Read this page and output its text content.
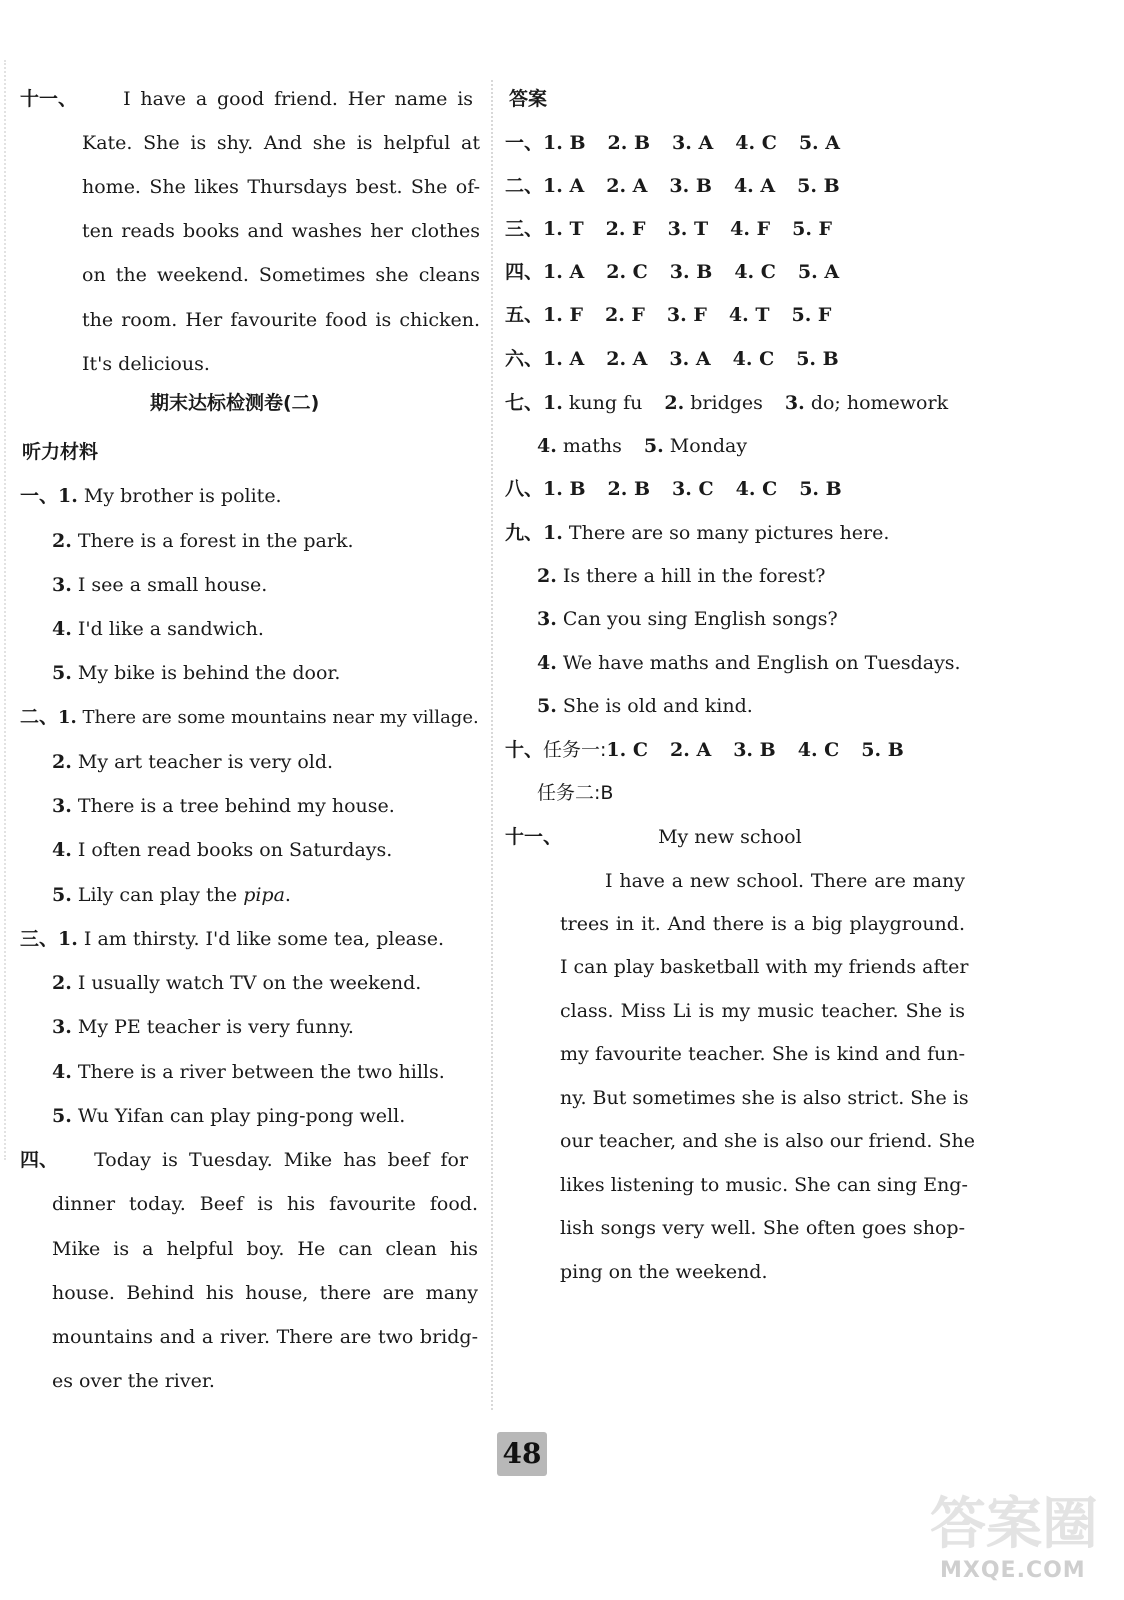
十一、 I have a good friend. Her name is
Kate. She is shy. And she is helpful at
home. She likes Thursdays best. She of-
ten reads books and washes her clothes
on the weekend. Sometimes she cleans
the room. Her favourite food is chicken.
It's delicious.
期末达标检测卷(二)
听力材料
一、1. My brother is polite.
2. There is a forest in the park.
3. I see a small house.
4. I'd like a sandwich.
5. My bike is behind the door.
二、1. There are some mountains near my village.
2. My art teacher is very old.
3. There is a tree behind my house.
4. I often read books on Saturdays.
5. Lily can play the pipa.
三、1. I am thirsty. I'd like some tea, please.
2. I usually watch TV on the weekend.
3. My PE teacher is very funny.
4. There is a river between the two hills.
5. Wu Yifan can play ping-pong well.
四、 Today is Tuesday. Mike has beef for
dinner today. Beef is his favourite food.
Mike is a helpful boy. He can clean his
house. Behind his house, there are many
mountains and a river. There are two bridg-
es over the river.
答案
一、1. B 2. B 3. A 4. C 5. A
二、1. A 2. A 3. B 4. A 5. B
三、1. T 2. F 3. T 4. F 5. F
四、1. A 2. C 3. B 4. C 5. A
五、1. F 2. F 3. F 4. T 5. F
六、1. A 2. A 3. A 4. C 5. B
七、1. kung fu 2. bridges 3. do; homework
4. maths 5. Monday
八、1. B 2. B 3. C 4. C 5. B
九、1. There are so many pictures here.
2. Is there a hill in the forest?
3. Can you sing English songs?
4. We have maths and English on Tuesdays.
5. She is old and kind.
十、任务一:1. C 2. A 3. B 4. C 5. B
任务二:B
十一、	My new school
I have a new school. There are many
trees in it. And there is a big playground.
I can play basketball with my friends after
class. Miss Li is my music teacher. She is
my favourite teacher. She is kind and fun-
ny. But sometimes she is also strict. She is
our teacher, and she is also our friend. She
likes listening to music. She can sing Eng-
lish songs very well. She often goes shop-
ping on the weekend.
48
答案圈
MXQE.COM
